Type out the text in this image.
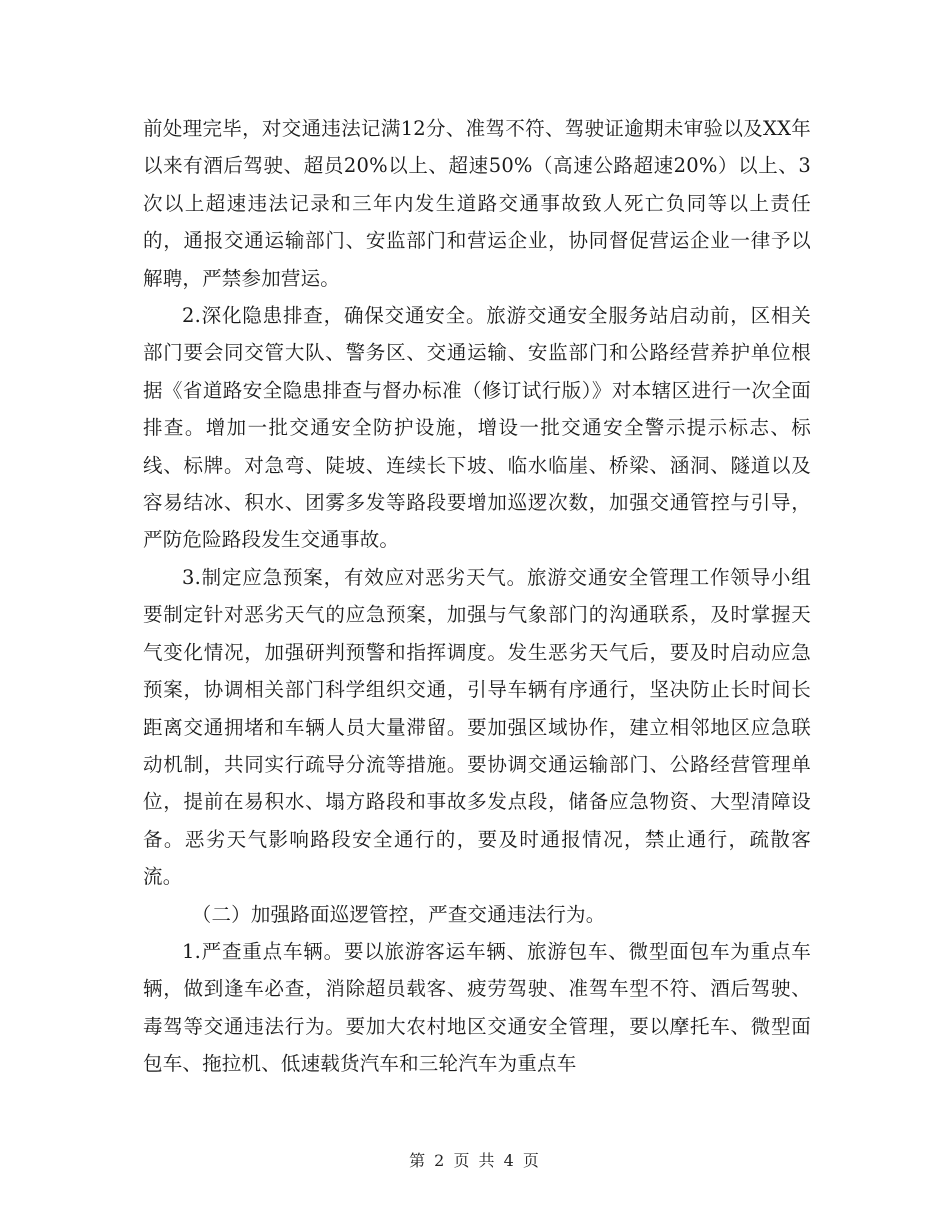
前处理完毕，对交通违法记满12分、准驾不符、驾驶证逾期未审验以及XX年以来有酒后驾驶、超员20%以上、超速50%（高速公路超速20%）以上、3次以上超速违法记录和三年内发生道路交通事故致人死亡负同等以上责任的，通报交通运输部门、安监部门和营运企业，协同督促营运企业一律予以解聘，严禁参加营运。

2.深化隐患排查，确保交通安全。旅游交通安全服务站启动前，区相关部门要会同交管大队、警务区、交通运输、安监部门和公路经营养护单位根据《省道路安全隐患排查与督办标准（修订试行版）》对本辖区进行一次全面排查。增加一批交通安全防护设施，增设一批交通安全警示提示标志、标线、标牌。对急弯、陡坡、连续长下坡、临水临崖、桥梁、涵洞、隧道以及容易结冰、积水、团雾多发等路段要增加巡逻次数，加强交通管控与引导，严防危险路段发生交通事故。

3.制定应急预案，有效应对恶劣天气。旅游交通安全管理工作领导小组要制定针对恶劣天气的应急预案，加强与气象部门的沟通联系，及时掌握天气变化情况，加强研判预警和指挥调度。发生恶劣天气后，要及时启动应急预案，协调相关部门科学组织交通，引导车辆有序通行，坚决防止长时间长距离交通拥堵和车辆人员大量滞留。要加强区域协作，建立相邻地区应急联动机制，共同实行疏导分流等措施。要协调交通运输部门、公路经营管理单位，提前在易积水、塌方路段和事故多发点段，储备应急物资、大型清障设备。恶劣天气影响路段安全通行的，要及时通报情况，禁止通行，疏散客流。

（二）加强路面巡逻管控，严查交通违法行为。

1.严查重点车辆。要以旅游客运车辆、旅游包车、微型面包车为重点车辆，做到逢车必查，消除超员载客、疲劳驾驶、准驾车型不符、酒后驾驶、毒驾等交通违法行为。要加大农村地区交通安全管理，要以摩托车、微型面包车、拖拉机、低速载货汽车和三轮汽车为重点车

第 2 页 共 4 页
